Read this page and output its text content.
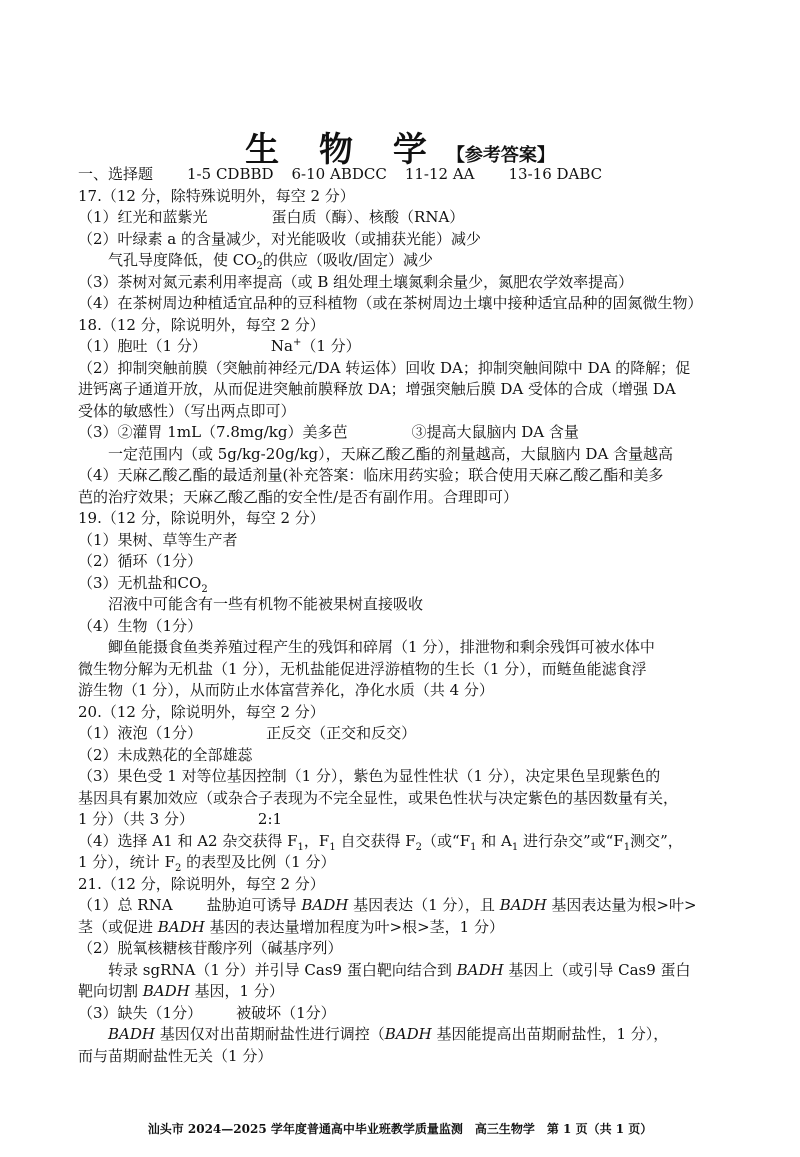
生 物 学 【参考答案】

一、选择题 1-5 CDBBD 6-10 ABDCC 11-12 AA 13-16 DABC

17.（12 分，除特殊说明外，每空 2 分）

（1）红光和蓝紫光	蛋白质（酶）、核酸（RNA）

（2）叶绿素 a 的含量减少，对光能吸收（或捕获光能）减少

气孔导度降低，使 $CO_2$的供应（吸收/固定）减少

（3）茶树对氮元素利用率提高（或 B 组处理土壤氮剩余量少，氮肥农学效率提高）

（4）在茶树周边种植适宜品种的豆科植物（或在茶树周边土壤中接种适宜品种的固氮微生物）

18.（12 分，除说明外，每空 2 分）

（1）胞吐（1 分）	Na+（1 分）

（2）抑制突触前膜（突触前神经元/DA 转运体）回收 DA；抑制突触间隙中 DA 的降解；促

进钙离子通道开放，从而促进突触前膜释放 DA；增强突触后膜 DA 受体的合成（增强 DA

受体的敏感性）（写出两点即可）

（3）②灌胃 1mL（7.8mg/kg）美多芭	③提高大鼠脑内 DA 含量

一定范围内（或 5g/kg-20g/kg），天麻乙酸乙酯的剂量越高，大鼠脑内 DA 含量越高

（4）天麻乙酸乙酯的最适剂量(补充答案：临床用药实验；联合使用天麻乙酸乙酯和美多

芭的治疗效果；天麻乙酸乙酯的安全性/是否有副作用。合理即可）

19.（12 分，除说明外，每空 2 分）

（1）果树、草等生产者

（2）循环（1分）

（3）无机盐和$CO_2$

沼液中可能含有一些有机物不能被果树直接吸收

（4）生物（1分）

鲫鱼能摄食鱼类养殖过程产生的残饵和碎屑（1 分），排泄物和剩余残饵可被水体中

微生物分解为无机盐（1 分），无机盐能促进浮游植物的生长（1 分），而鲢鱼能滤食浮

游生物（1 分），从而防止水体富营养化，净化水质（共 4 分）

20.（12 分，除说明外，每空 2 分）

（1）液泡（1分）	正反交（正交和反交）

（2）未成熟花的全部雄蕊

（3）果色受 1 对等位基因控制（1 分），紫色为显性性状（1 分），决定果色呈现紫色的

基因具有累加效应（或杂合子表现为不完全显性，或果色性状与决定紫色的基因数量有关，

1 分）（共 3 分）	2:1

（4）选择 A1 和 A2 杂交获得 $F_1$，$F_1$ 自交获得 $F_2$（或“$F_1$ 和 $A_1$ 进行杂交”或“$F_1$测交”，

1 分），统计 $F_2$ 的表型及比例（1 分）

21.（12 分，除说明外，每空 2 分）

（1）总 RNA 盐胁迫可诱导 BADH 基因表达（1 分），且 BADH 基因表达量为根>叶>

茎（或促进 BADH 基因的表达量增加程度为叶>根>茎，1 分）

（2）脱氧核糖核苷酸序列（碱基序列）

转录 sgRNA（1 分）并引导 Cas9 蛋白靶向结合到 BADH 基因上（或引导 Cas9 蛋白

靶向切割 BADH 基因，1 分）

（3）缺失（1分） 被破坏（1分）

BADH 基因仅对出苗期耐盐性进行调控（BADH 基因能提高出苗期耐盐性，1 分），

而与苗期耐盐性无关（1 分）

汕头市 2024—2025 学年度普通高中毕业班教学质量监测　高三生物学　第 1 页（共 1 页）
